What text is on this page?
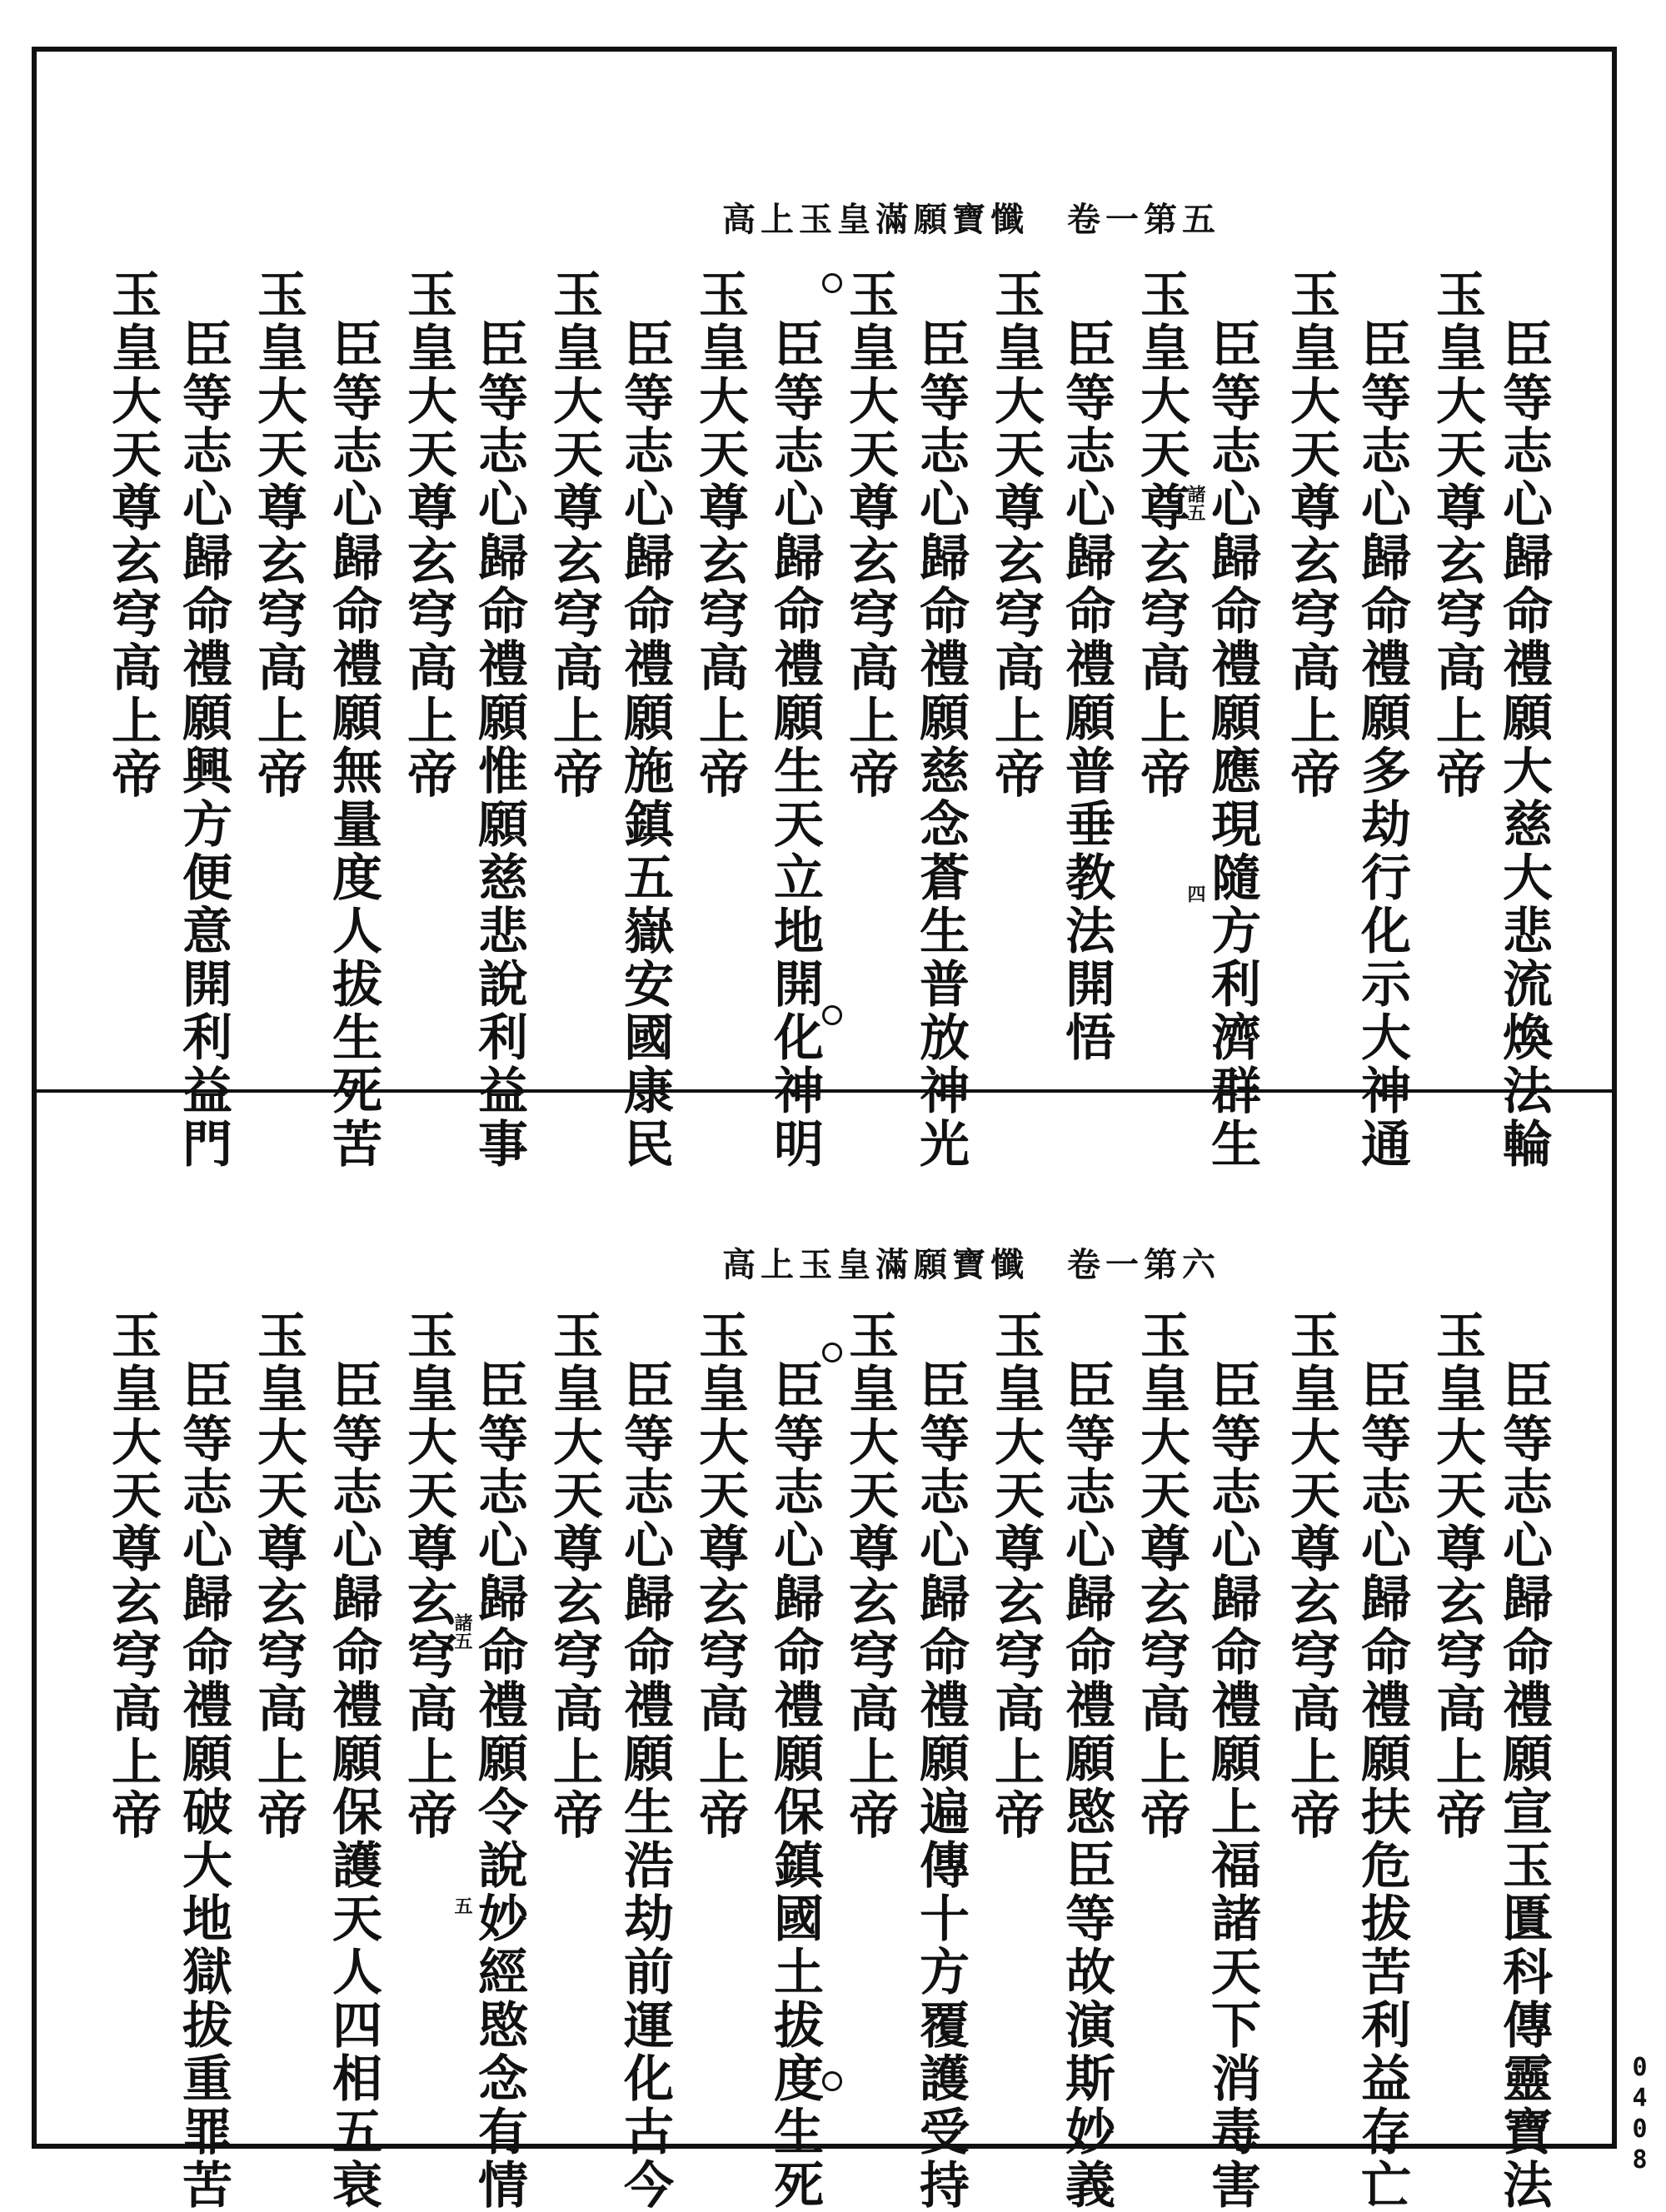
高上玉皇滿願寶懺　卷一第五
臣等志心歸命禮願大慈大悲流煥法輪
玉皇大天尊玄穹高上帝
臣等志心歸命禮願多劫行化示大神通
玉皇大天尊玄穹高上帝
臣等志心歸命禮願應現隨方利濟群生
玉皇大天尊玄穹高上帝
臣等志心歸命禮願普垂教法開悟
玉皇大天尊玄穹高上帝
臣等志心歸命禮願慈念蒼生普放神光
玉皇大天尊玄穹高上帝
臣等志心歸命禮願生天立地開化神明
玉皇大天尊玄穹高上帝
臣等志心歸命禮願施鎮五嶽安國康民
玉皇大天尊玄穹高上帝
臣等志心歸命禮願惟願慈悲說利益事
玉皇大天尊玄穹高上帝
臣等志心歸命禮願無量度人拔生死苦
玉皇大天尊玄穹高上帝
臣等志心歸命禮願興方便意開利益門
玉皇大天尊玄穹高上帝	諸五
四
高上玉皇滿願寶懺　卷一第六
臣等志心歸命禮願宣玉匱科傳靈寶法
玉皇大天尊玄穹高上帝
臣等志心歸命禮願扶危拔苦利益存亡
玉皇大天尊玄穹高上帝
臣等志心歸命禮願上福諸天下消毒害
玉皇大天尊玄穹高上帝
臣等志心歸命禮願愍臣等故演斯妙義
玉皇大天尊玄穹高上帝
臣等志心歸命禮願遍傳十方覆護受持
玉皇大天尊玄穹高上帝
臣等志心歸命禮願保鎮國土拔度生死
玉皇大天尊玄穹高上帝
臣等志心歸命禮願生浩劫前運化古今
玉皇大天尊玄穹高上帝
臣等志心歸命禮願令說妙經愍念有情
玉皇大天尊玄穹高上帝
臣等志心歸命禮願保護天人四相五衰
玉皇大天尊玄穹高上帝
臣等志心歸命禮願破大地獄拔重罪苦
玉皇大天尊玄穹高上帝	諸五
五
0408
